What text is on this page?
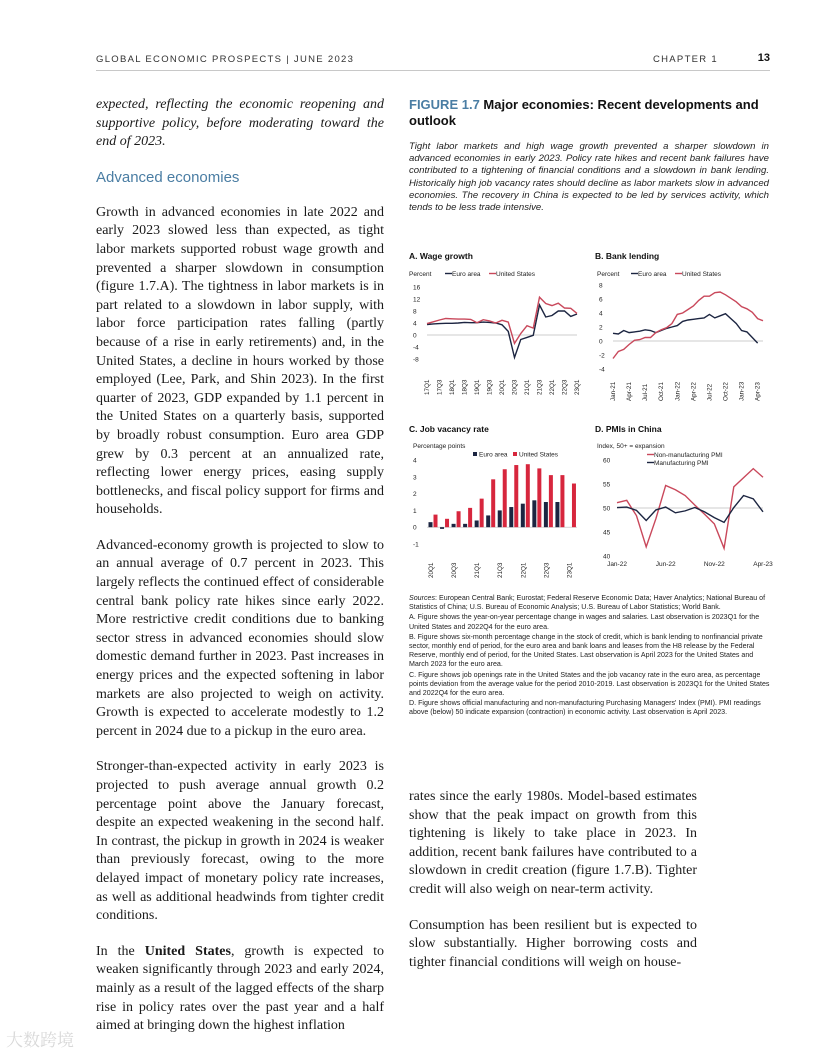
GLOBAL ECONOMIC PROSPECTS | JUNE 2023	CHAPTER 1	13

expected, reflecting the economic reopening and supportive policy, before moderating toward the end of 2023.

Advanced economies

Growth in advanced economies in late 2022 and early 2023 slowed less than expected, as tight labor markets supported robust wage growth and prevented a sharper slowdown in consumption (figure 1.7.A). The tightness in labor markets is in part related to a slowdown in labor supply, with labor force participation rates falling (partly because of a rise in early retirements) and, in the United States, a decline in hours worked by those employed (Lee, Park, and Shin 2023). In the first quarter of 2023, GDP expanded by 1.1 percent in the United States on a quarterly basis, supported by broadly robust consumption. Euro area GDP grew by 0.3 percent at an annualized rate, reflecting lower energy prices, easing supply bottlenecks, and fiscal policy support for firms and households.

Advanced-economy growth is projected to slow to an annual average of 0.7 percent in 2023. This largely reflects the continued effect of considerable central bank policy rate hikes since early 2022. More restrictive credit conditions due to banking sector stress in advanced economies should slow domestic demand further in 2023. Past increases in energy prices and the expected softening in labor markets are also projected to weigh on activity. Growth is expected to accelerate modestly to 1.2 percent in 2024 due to a pickup in the euro area.

Stronger-than-expected activity in early 2023 is projected to push average annual growth 0.2 percentage point above the January forecast, despite an expected weakening in the second half. In contrast, the pickup in growth in 2024 is weaker than previously forecast, owing to the more delayed impact of monetary policy rate increases, as well as additional headwinds from tighter credit conditions.

In the United States, growth is expected to weaken significantly through 2023 and early 2024, mainly as a result of the lagged effects of the sharp rise in policy rates over the past year and a half aimed at bringing down the highest inflation

FIGURE 1.7 Major economies: Recent developments and outlook
Tight labor markets and high wage growth prevented a sharper slowdown in advanced economies in early 2023. Policy rate hikes and recent bank failures have contributed to a tightening of financial conditions and a slowdown in bank lending. Historically high job vacancy rates should decline as labor markets slow in advanced economies. The recovery in China is expected to be led by services activity, which tends to be less trade intensive.
A. Wage growth
Percent	Euro area United States
-8
-4
0
4
8
12
16
17Q1 17Q3 18Q1 18Q3 19Q1 19Q3 20Q1 20Q3 21Q1 21Q3 22Q1 22Q3 23Q1
B. Bank lending
Percent	Euro area United States
-4
-2
0
2
4
6
8
Jan-21 Apr-21 Jul-21 Oct-21 Jan-22 Apr-22 Jul-22 Oct-22 Jan-23 Apr-23
C. Job vacancy rate
Percentage points
Euro area United States
-1
0
1
2
3
4
20Q1	20Q3	21Q1	21Q3	22Q1	22Q3	23Q1
D. PMIs in China
Index, 50+ = expansion
Non-manufacturing PMI
Manufacturing PMI
40
45
50
55
60
Jan-22	Jun-22	Nov-22	Apr-23
Sources: European Central Bank; Eurostat; Federal Reserve Economic Data; Haver Analytics; National Bureau of Statistics of China; U.S. Bureau of Economic Analysis; U.S. Bureau of Labor Statistics; World Bank.
A. Figure shows the year-on-year percentage change in wages and salaries. Last observation is 2023Q1 for the United States and 2022Q4 for the euro area.
B. Figure shows six-month percentage change in the stock of credit, which is bank lending to nonfinancial private sector, monthly end of period, for the euro area and bank loans and leases from the H8 release by the Federal Reserve, monthly end of period, for the United States. Last observation is April 2023 for the United States and March 2023 for the euro area.
C. Figure shows job openings rate in the United States and the job vacancy rate in the euro area, as percentage points deviation from the average value for the period 2010-2019. Last observation is 2023Q1 for the United States and 2022Q4 for the euro area.
D. Figure shows official manufacturing and non-manufacturing Purchasing Managers' Index (PMI). PMI readings above (below) 50 indicate expansion (contraction) in economic activity. Last observation is April 2023.

rates since the early 1980s. Model-based estimates show that the peak impact on growth from this tightening is likely to take place in 2023. In addition, recent bank failures have contributed to a slowdown in credit creation (figure 1.7.B). Tighter credit will also weigh on near-term activity.

Consumption has been resilient but is expected to slow substantially. Higher borrowing costs and tighter financial conditions will weigh on house-

大数跨境
